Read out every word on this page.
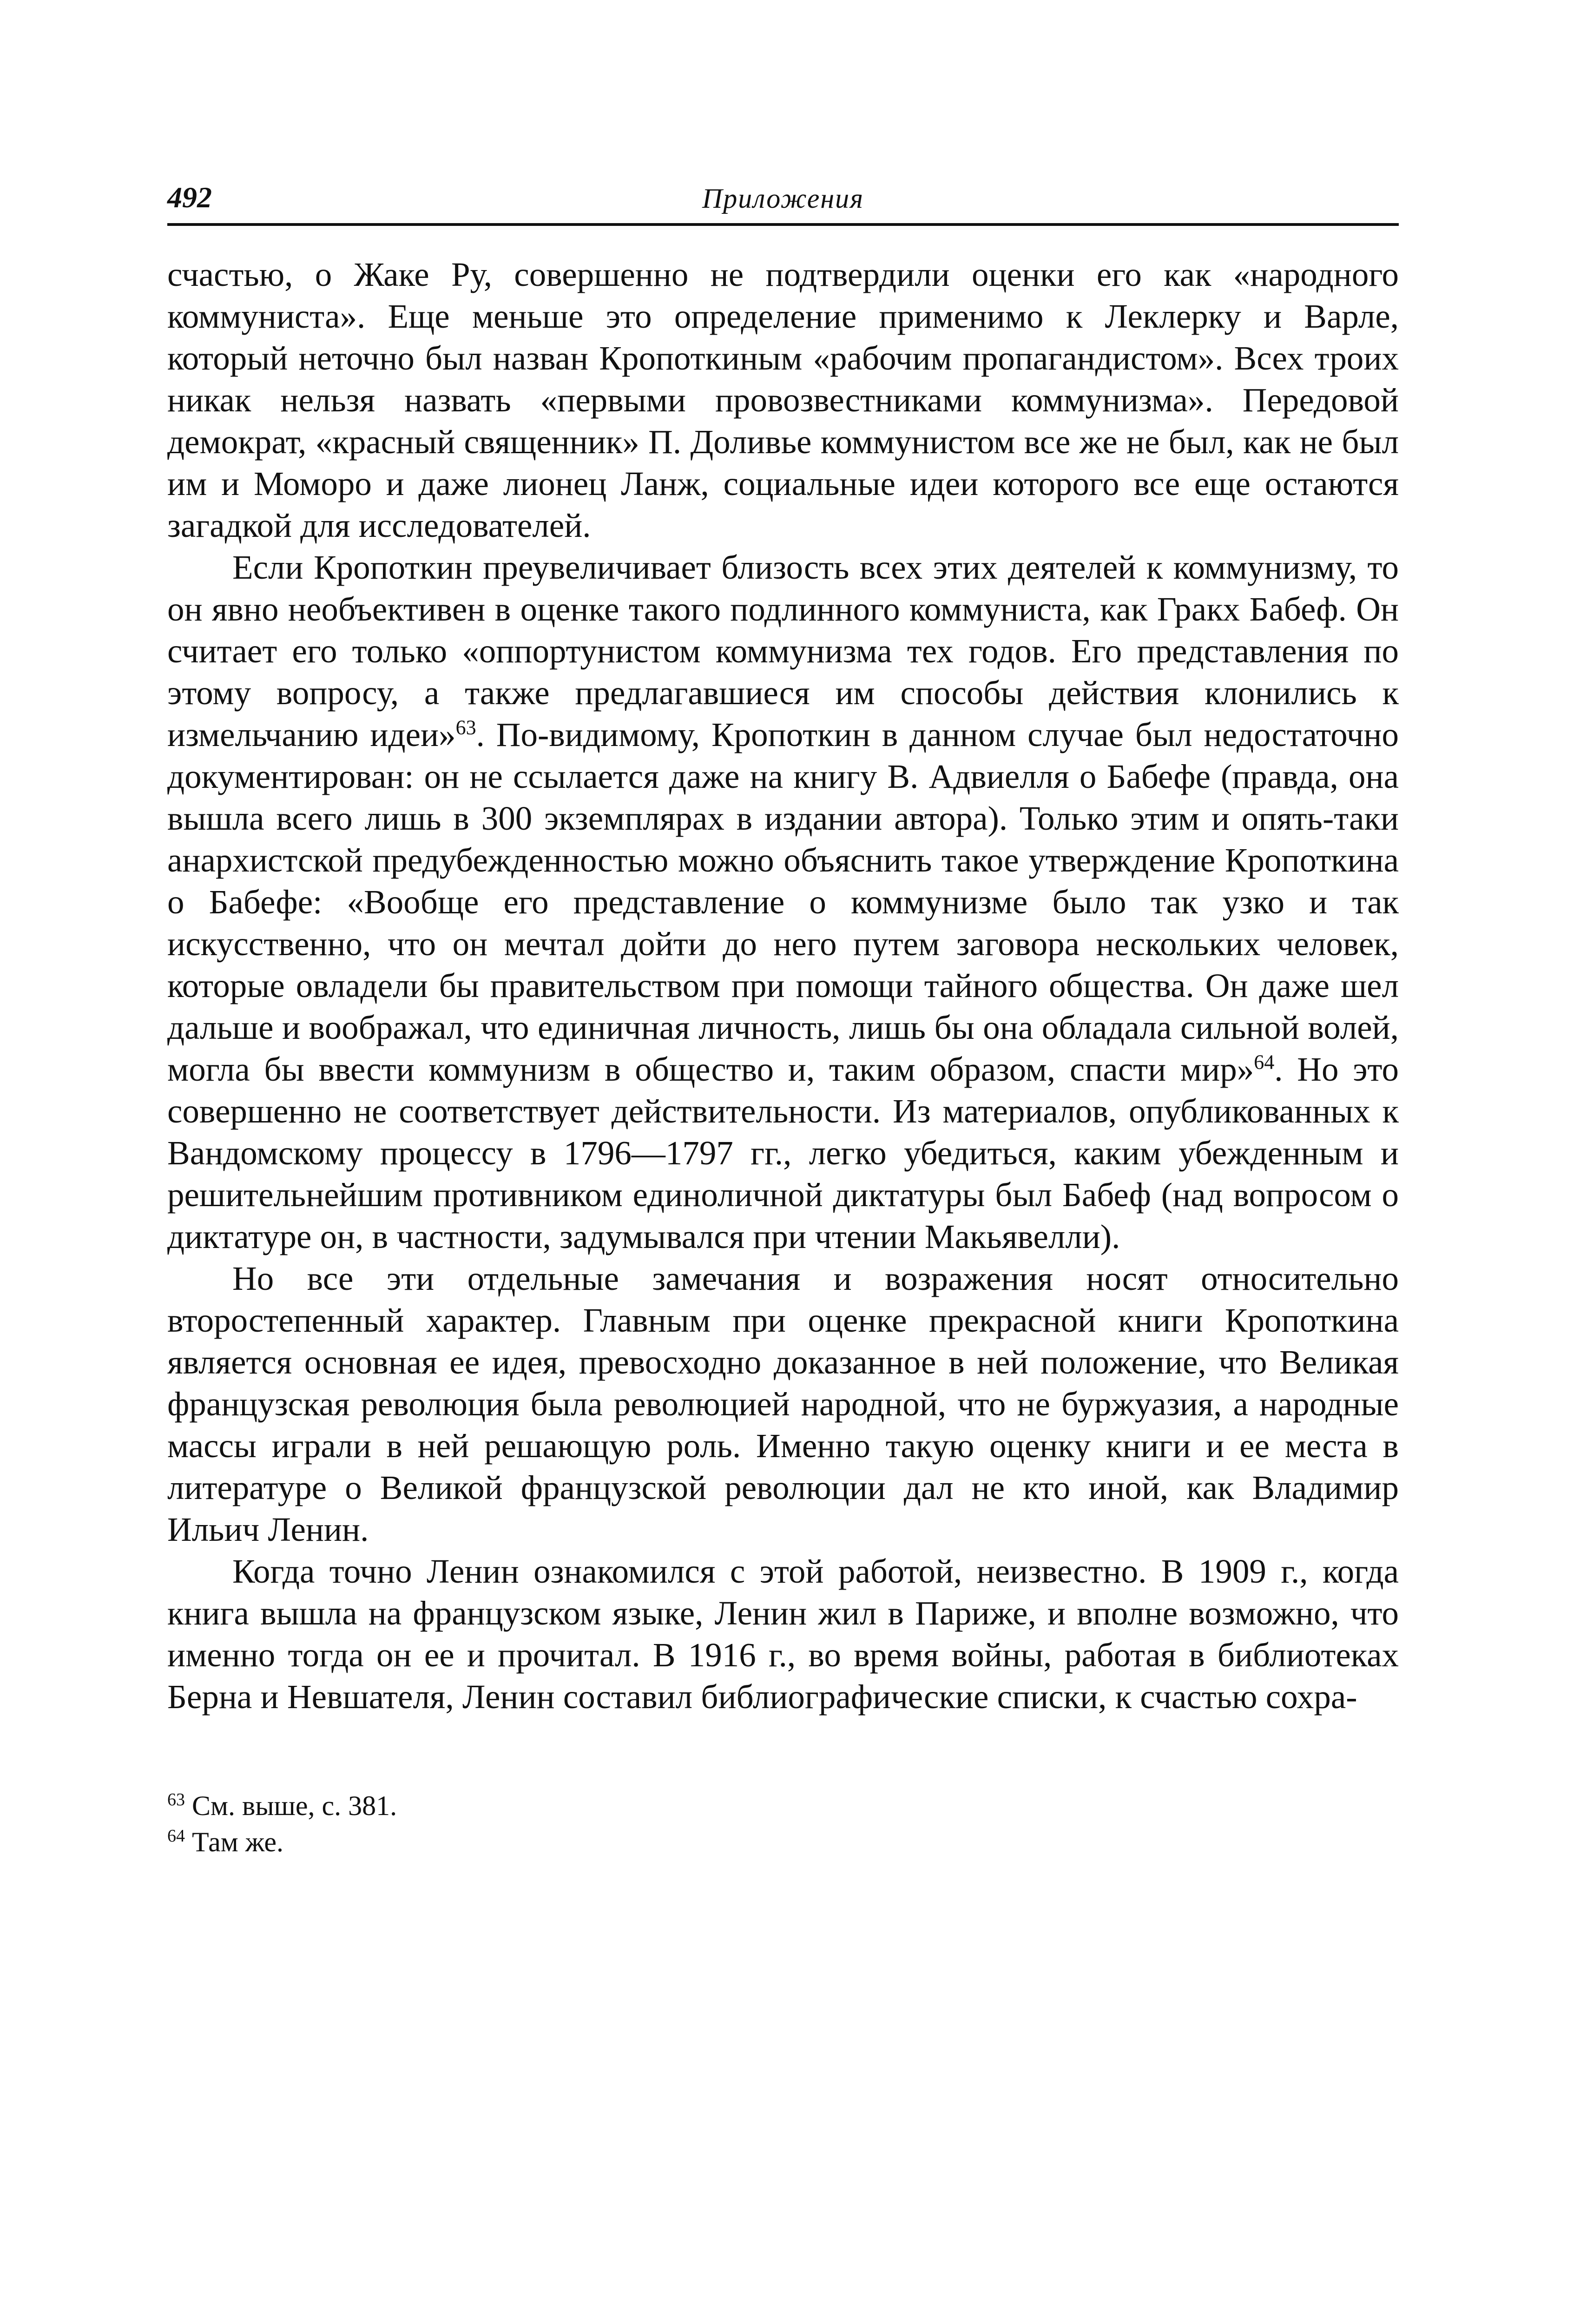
492	Приложения

счастью, о Жаке Ру, совершенно не подтвердили оценки его как «народного коммуниста». Еще меньше это определение применимо к Леклерку и Варле, который неточно был назван Кропоткиным «рабочим пропагандистом». Всех троих никак нельзя назвать «первыми провозвестниками коммунизма». Передовой демократ, «красный священник» П. Доливье коммунистом все же не был, как не был им и Моморо и даже лионец Ланж, социальные идеи которого все еще остаются загадкой для исследователей.

Если Кропоткин преувеличивает близость всех этих деятелей к коммунизму, то он явно необъективен в оценке такого подлинного коммуниста, как Гракх Бабеф. Он считает его только «оппортунистом коммунизма тех годов. Его представления по этому вопросу, а также предлагавшиеся им способы действия клонились к измельчанию идеи»$^{63}$. По-видимому, Кропоткин в данном случае был недостаточно документирован: он не ссылается даже на книгу В. Адвиелля о Бабефе (правда, она вышла всего лишь в 300 экземплярах в издании автора). Только этим и опять-таки анархистской предубежденностью можно объяснить такое утверждение Кропоткина о Бабефе: «Вообще его представление о коммунизме было так узко и так искусственно, что он мечтал дойти до него путем заговора нескольких человек, которые овладели бы правительством при помощи тайного общества. Он даже шел дальше и воображал, что единичная личность, лишь бы она обладала сильной волей, могла бы ввести коммунизм в общество и, таким образом, спасти мир»$^{64}$. Но это совершенно не соответствует действительности. Из материалов, опубликованных к Вандомскому процессу в 1796—1797 гг., легко убедиться, каким убежденным и решительнейшим противником единоличной диктатуры был Бабеф (над вопросом о диктатуре он, в частности, задумывался при чтении Макьявелли).

Но все эти отдельные замечания и возражения носят относительно второстепенный характер. Главным при оценке прекрасной книги Кропоткина является основная ее идея, превосходно доказанное в ней положение, что Великая французская революция была революцией народной, что не буржуазия, а народные массы играли в ней решающую роль. Именно такую оценку книги и ее места в литературе о Великой французской революции дал не кто иной, как Владимир Ильич Ленин.

Когда точно Ленин ознакомился с этой работой, неизвестно. В 1909 г., когда книга вышла на французском языке, Ленин жил в Париже, и вполне возможно, что именно тогда он ее и прочитал. В 1916 г., во время войны, работая в библиотеках Берна и Невшателя, Ленин составил библиографические списки, к счастью сохра-

$^{63}$ См. выше, с. 381.
$^{64}$ Там же.
